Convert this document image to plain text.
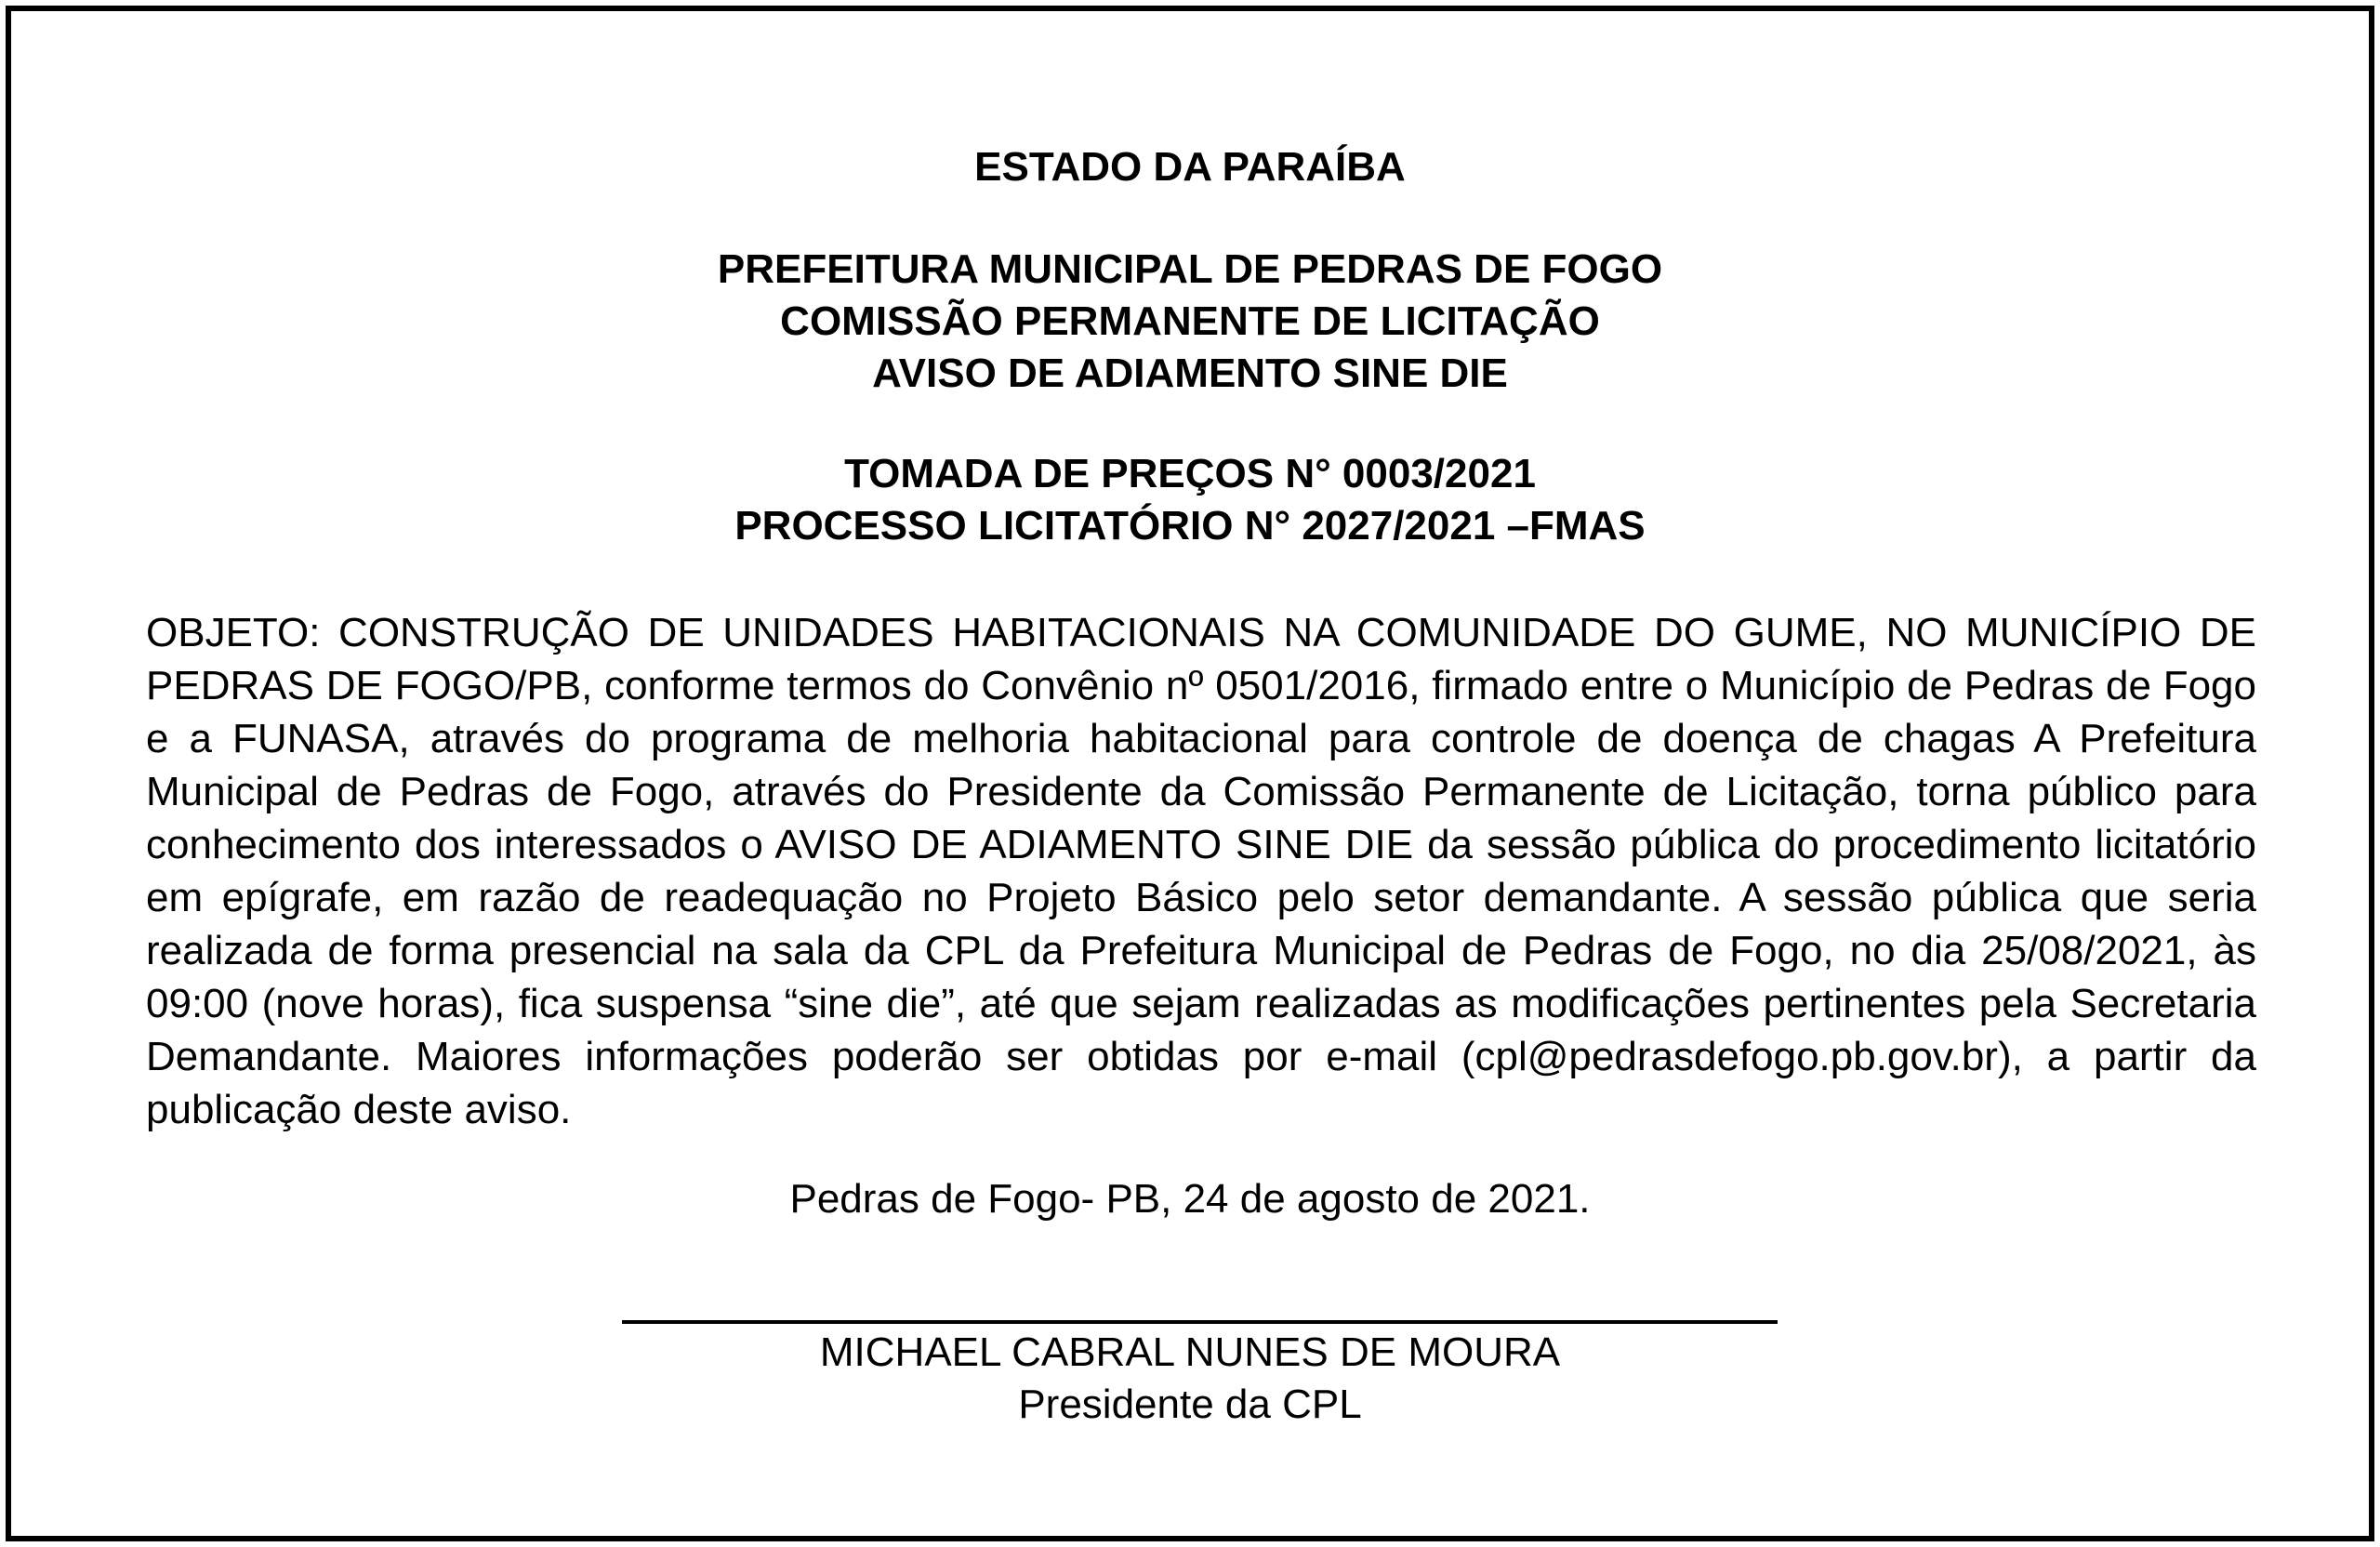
ESTADO DA PARAÍBA

PREFEITURA MUNICIPAL DE PEDRAS DE FOGO
COMISSÃO PERMANENTE DE LICITAÇÃO
AVISO DE ADIAMENTO SINE DIE

TOMADA DE PREÇOS N° 0003/2021
PROCESSO LICITATÓRIO N° 2027/2021 –FMAS

OBJETO: CONSTRUÇÃO DE UNIDADES HABITACIONAIS NA COMUNIDADE DO GUME, NO MUNICÍPIO DE PEDRAS DE FOGO/PB, conforme termos do Convênio nº 0501/2016, firmado entre o Município de Pedras de Fogo e a FUNASA, através do programa de melhoria habitacional para controle de doença de chagas A Prefeitura Municipal de Pedras de Fogo, através do Presidente da Comissão Permanente de Licitação, torna público para conhecimento dos interessados o AVISO DE ADIAMENTO SINE DIE da sessão pública do procedimento licitatório em epígrafe, em razão de readequação no Projeto Básico pelo setor demandante. A sessão pública que seria realizada de forma presencial na sala da CPL da Prefeitura Municipal de Pedras de Fogo, no dia 25/08/2021, às 09:00 (nove horas), fica suspensa “sine die”, até que sejam realizadas as modificações pertinentes pela Secretaria Demandante. Maiores informações poderão ser obtidas por e-mail (cpl@pedrasdefogo.pb.gov.br), a partir da publicação deste aviso.

Pedras de Fogo- PB, 24 de agosto de 2021.

MICHAEL CABRAL NUNES DE MOURA
Presidente da CPL
